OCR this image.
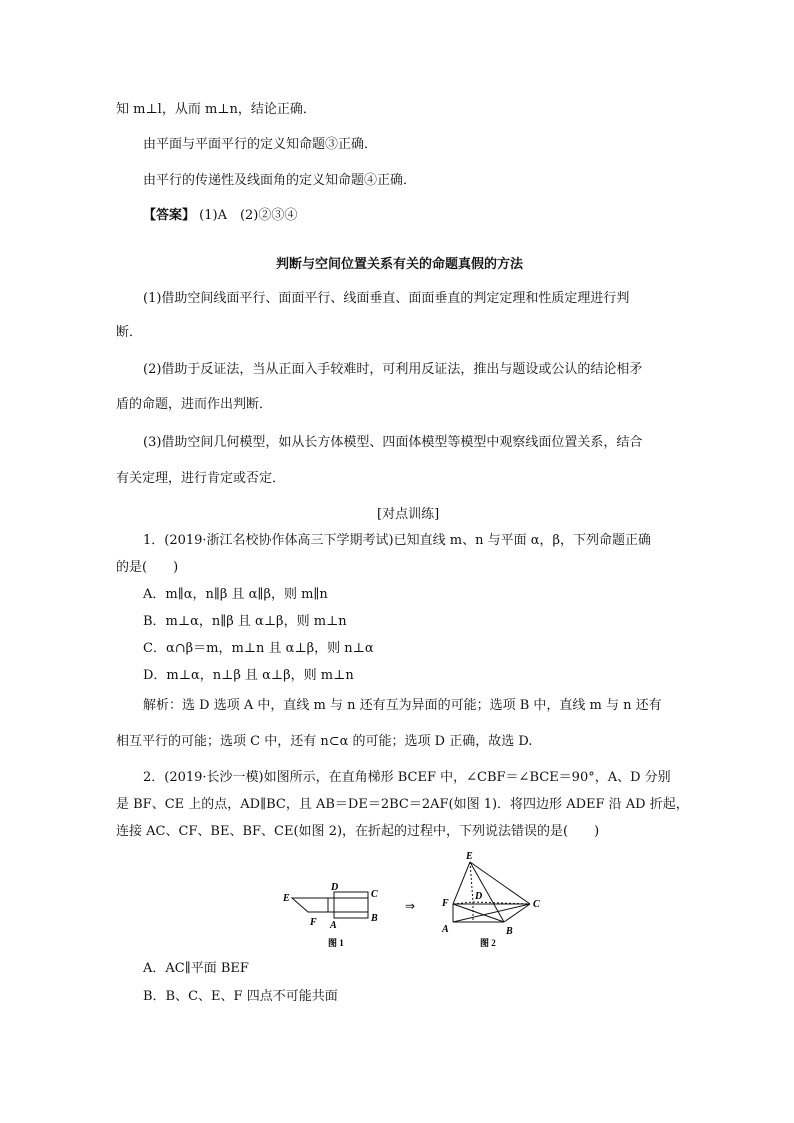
知 m⊥l，从而 m⊥n，结论正确．
由平面与平面平行的定义知命题③正确．
由平行的传递性及线面角的定义知命题④正确．
【答案】 (1)A　(2)②③④
判断与空间位置关系有关的命题真假的方法
(1)借助空间线面平行、面面平行、线面垂直、面面垂直的判定定理和性质定理进行判
断．
(2)借助于反证法，当从正面入手较难时，可利用反证法，推出与题设或公认的结论相矛
盾的命题，进而作出判断．
(3)借助空间几何模型，如从长方体模型、四面体模型等模型中观察线面位置关系，结合
有关定理，进行肯定或否定．
[对点训练]
1．(2019·浙江名校协作体高三下学期考试)已知直线 m、n 与平面 α，β，下列命题正确
的是(　　)
A．m∥α，n∥β 且 α∥β，则 m∥n
B．m⊥α，n∥β 且 α⊥β，则 m⊥n
C．α∩β＝m，m⊥n 且 α⊥β，则 n⊥α
D．m⊥α，n⊥β 且 α⊥β，则 m⊥n
解析：选 D 选项 A 中，直线 m 与 n 还有互为异面的可能；选项 B 中，直线 m 与 n 还有
相互平行的可能；选项 C 中，还有 n⊂α 的可能；选项 D 正确，故选 D.
2．(2019·长沙一模)如图所示，在直角梯形 BCEF 中，∠CBF＝∠BCE＝90°，A、D 分别
是 BF、CE 上的点，AD∥BC，且 AB＝DE＝2BC＝2AF(如图 1)．将四边形 ADEF 沿 AD 折起，
连接 AC、CF、BE、BF、CE(如图 2)，在折起的过程中，下列说法错误的是(　　)
E
D
C
B
F A
图 1
⇒
E
D
F	C
A	B
图 2
A．AC∥平面 BEF
B．B、C、E、F 四点不可能共面
